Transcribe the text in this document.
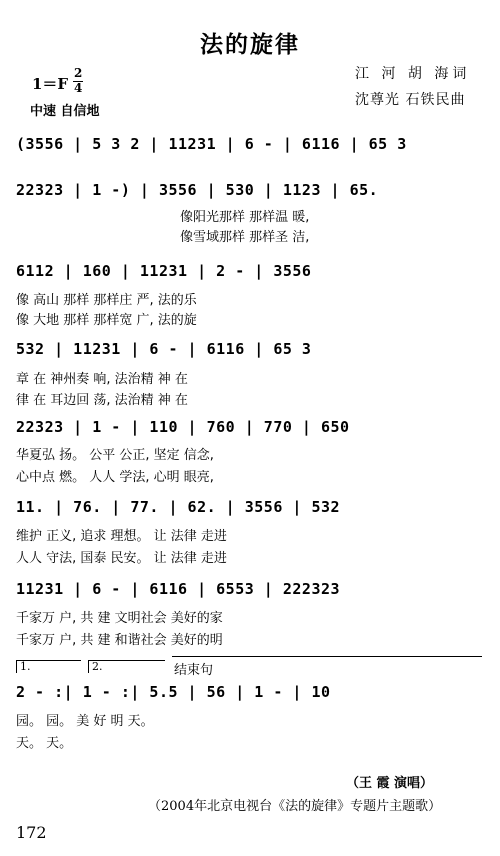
法的旋律
江 河 胡 海词
沈尊光 石铁民曲
1＝F
2
4
中速 自信地
(3556 | 5 3 2 | 11231 | 6 - | 6116 | 65 3
22323 | 1 -) | 3556 | 530 | 1123 | 65.
像阳光那样 那样温 暖,
像雪域那样 那样圣 洁,
6112 | 160 | 11231 | 2 - | 3556
像 高山 那样 那样庄 严, 法的乐
像 大地 那样 那样宽 广, 法的旋
532 | 11231 | 6 - | 6116 | 65 3
章 在 神州奏 响, 法治精 神 在
律 在 耳边回 荡, 法治精 神 在
22323 | 1 - | 110 | 760 | 770 | 650
华夏弘 扬。 公平 公正, 坚定 信念,
心中点 燃。 人人 学法, 心明 眼亮,
11. | 76. | 77. | 62. | 3556 | 532
维护 正义, 追求 理想。 让 法律 走进
人人 守法, 国泰 民安。 让 法律 走进
11231 | 6 - | 6116 | 6553 | 222323
千家万 户, 共 建 文明社会 美好的家
千家万 户, 共 建 和谐社会 美好的明
1.	2.	结束句
2 - :| 1 - :| 5.5 | 56 | 1 - | 10
园。 园。 美 好 明 天。
天。 天。
（王 霞 演唱）
（2004年北京电视台《法的旋律》专题片主题歌）
172
